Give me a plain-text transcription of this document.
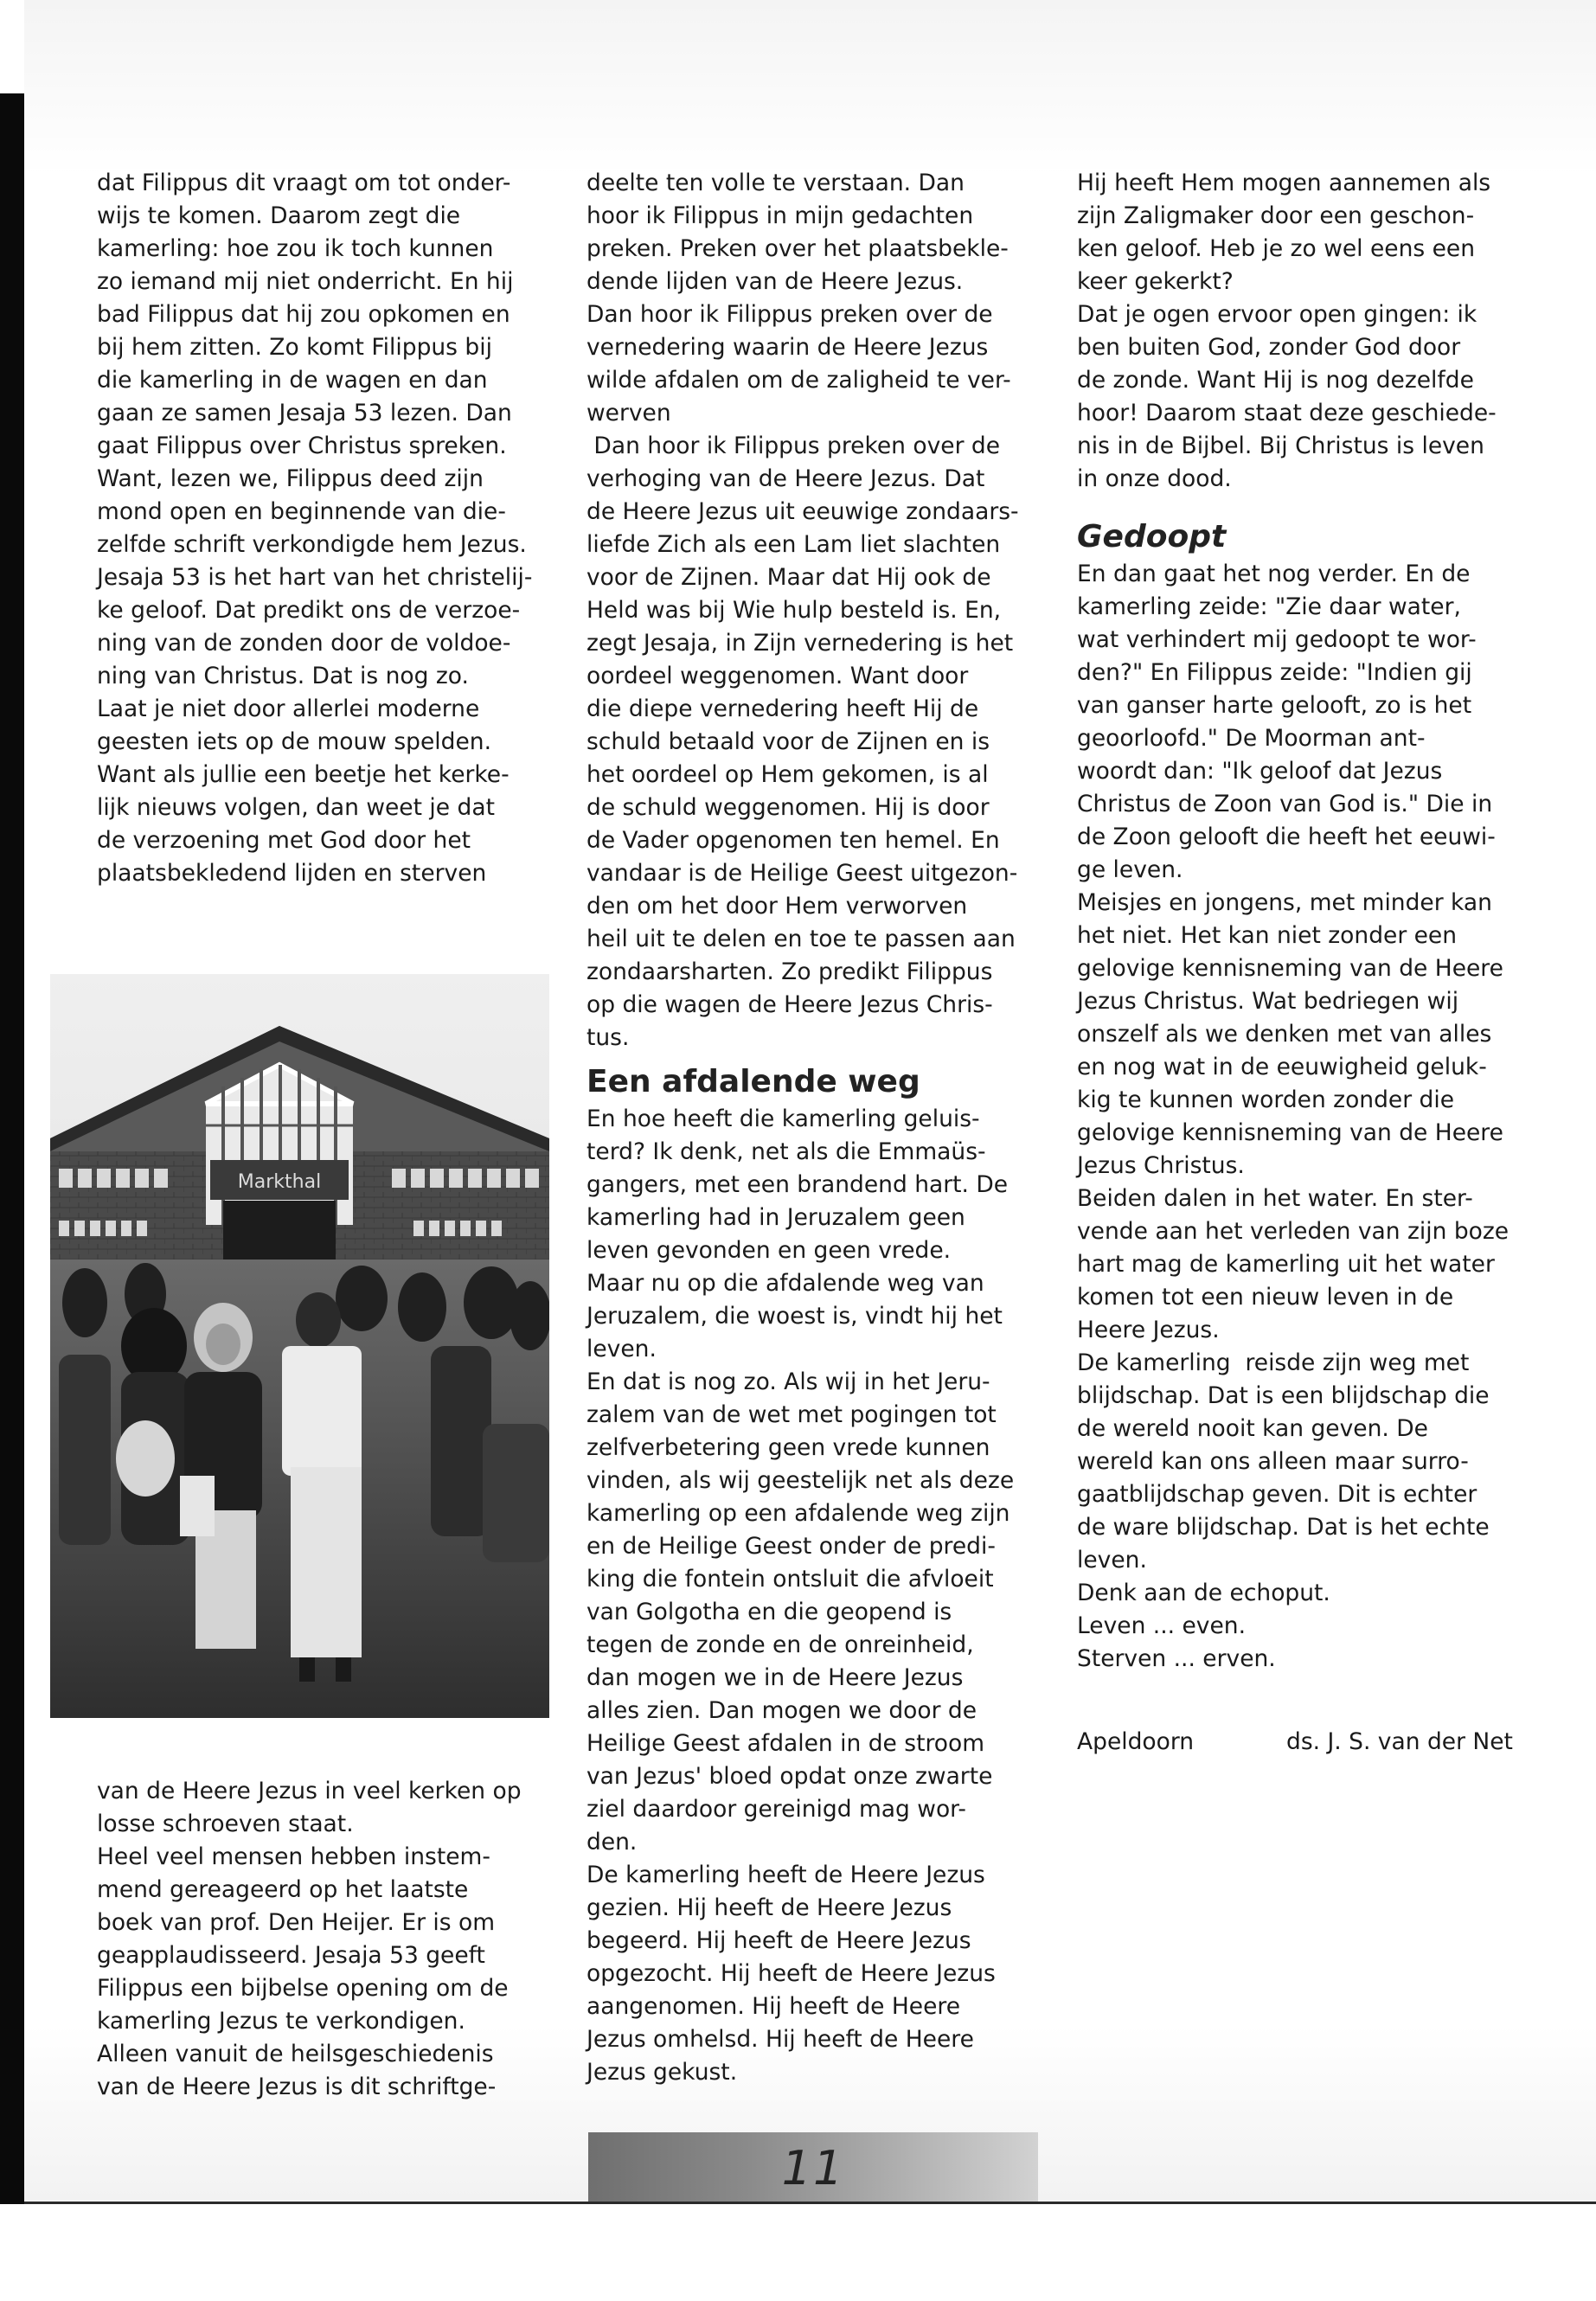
dat Filippus dit vraagt om tot onder-

wijs te komen. Daarom zegt die

kamerling: hoe zou ik toch kunnen

zo iemand mij niet onderricht. En hij

bad Filippus dat hij zou opkomen en

bij hem zitten. Zo komt Filippus bij

die kamerling in de wagen en dan

gaan ze samen Jesaja 53 lezen. Dan

gaat Filippus over Christus spreken.

Want, lezen we, Filippus deed zijn

mond open en beginnende van die-

zelfde schrift verkondigde hem Jezus.

Jesaja 53 is het hart van het christelij-

ke geloof. Dat predikt ons de verzoe-

ning van de zonden door de voldoe-

ning van Christus. Dat is nog zo.

Laat je niet door allerlei moderne

geesten iets op de mouw spelden.

Want als jullie een beetje het kerke-

lijk nieuws volgen, dan weet je dat

de verzoening met God door het

plaatsbekledend lijden en sterven

Markthal

van de Heere Jezus in veel kerken op

losse schroeven staat.

Heel veel mensen hebben instem-

mend gereageerd op het laatste

boek van prof. Den Heijer. Er is om

geapplaudisseerd. Jesaja 53 geeft

Filippus een bijbelse opening om de

kamerling Jezus te verkondigen.

Alleen vanuit de heilsgeschiedenis

van de Heere Jezus is dit schriftge-

deelte ten volle te verstaan. Dan

hoor ik Filippus in mijn gedachten

preken. Preken over het plaatsbekle-

dende lijden van de Heere Jezus.

Dan hoor ik Filippus preken over de

vernedering waarin de Heere Jezus

wilde afdalen om de zaligheid te ver-

werven

Dan hoor ik Filippus preken over de

verhoging van de Heere Jezus. Dat

de Heere Jezus uit eeuwige zondaars-

liefde Zich als een Lam liet slachten

voor de Zijnen. Maar dat Hij ook de

Held was bij Wie hulp besteld is. En,

zegt Jesaja, in Zijn vernedering is het

oordeel weggenomen. Want door

die diepe vernedering heeft Hij de

schuld betaald voor de Zijnen en is

het oordeel op Hem gekomen, is al

de schuld weggenomen. Hij is door

de Vader opgenomen ten hemel. En

vandaar is de Heilige Geest uitgezon-

den om het door Hem verworven

heil uit te delen en toe te passen aan

zondaarsharten. Zo predikt Filippus

op die wagen de Heere Jezus Chris-

tus.

Een afdalende weg

En hoe heeft die kamerling geluis-

terd? Ik denk, net als die Emmaüs-

gangers, met een brandend hart. De

kamerling had in Jeruzalem geen

leven gevonden en geen vrede.

Maar nu op die afdalende weg van

Jeruzalem, die woest is, vindt hij het

leven.

En dat is nog zo. Als wij in het Jeru-

zalem van de wet met pogingen tot

zelfverbetering geen vrede kunnen

vinden, als wij geestelijk net als deze

kamerling op een afdalende weg zijn

en de Heilige Geest onder de predi-

king die fontein ontsluit die afvloeit

van Golgotha en die geopend is

tegen de zonde en de onreinheid,

dan mogen we in de Heere Jezus

alles zien. Dan mogen we door de

Heilige Geest afdalen in de stroom

van Jezus' bloed opdat onze zwarte

ziel daardoor gereinigd mag wor-

den.

De kamerling heeft de Heere Jezus

gezien. Hij heeft de Heere Jezus

begeerd. Hij heeft de Heere Jezus

opgezocht. Hij heeft de Heere Jezus

aangenomen. Hij heeft de Heere

Jezus omhelsd. Hij heeft de Heere

Jezus gekust.

Hij heeft Hem mogen aannemen als

zijn Zaligmaker door een geschon-

ken geloof. Heb je zo wel eens een

keer gekerkt?

Dat je ogen ervoor open gingen: ik

ben buiten God, zonder God door

de zonde. Want Hij is nog dezelfde

hoor! Daarom staat deze geschiede-

nis in de Bijbel. Bij Christus is leven

in onze dood.

Gedoopt

En dan gaat het nog verder. En de

kamerling zeide: "Zie daar water,

wat verhindert mij gedoopt te wor-

den?" En Filippus zeide: "Indien gij

van ganser harte gelooft, zo is het

geoorloofd." De Moorman ant-

woordt dan: "Ik geloof dat Jezus

Christus de Zoon van God is." Die in

de Zoon gelooft die heeft het eeuwi-

ge leven.

Meisjes en jongens, met minder kan

het niet. Het kan niet zonder een

gelovige kennisneming van de Heere

Jezus Christus. Wat bedriegen wij

onszelf als we denken met van alles

en nog wat in de eeuwigheid geluk-

kig te kunnen worden zonder die

gelovige kennisneming van de Heere

Jezus Christus.

Beiden dalen in het water. En ster-

vende aan het verleden van zijn boze

hart mag de kamerling uit het water

komen tot een nieuw leven in de

Heere Jezus.

De kamerling  reisde zijn weg met

blijdschap. Dat is een blijdschap die

de wereld nooit kan geven. De

wereld kan ons alleen maar surro-

gaatblijdschap geven. Dit is echter

de ware blijdschap. Dat is het echte

leven.

Denk aan de echoput.

Leven ... even.

Sterven ... erven.

Apeldoorn	ds. J. S. van der Net
11
